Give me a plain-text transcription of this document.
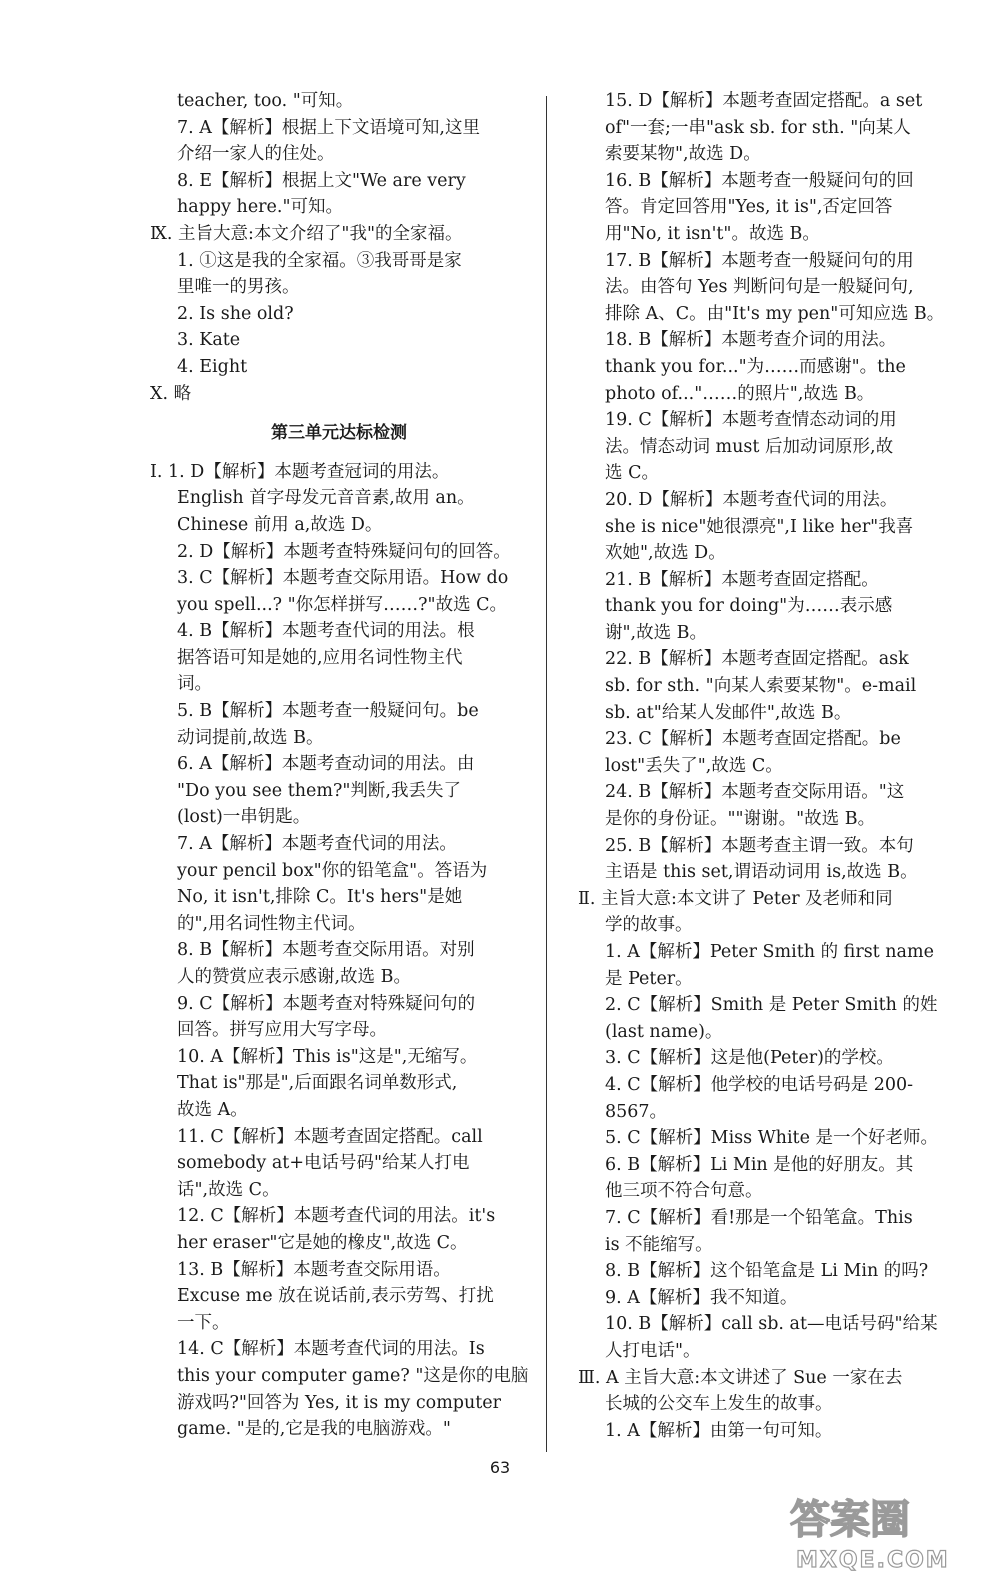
teacher, too. "可知。
7. A【解析】根据上下文语境可知,这里
介绍一家人的住处。
8. E【解析】根据上文"We are very
happy here."可知。
Ⅸ. 主旨大意:本文介绍了"我"的全家福。
1. ①这是我的全家福。③我哥哥是家
里唯一的男孩。
2. Is she old?
3. Kate
4. Eight
Ⅹ. 略
第三单元达标检测
Ⅰ. 1. D【解析】本题考查冠词的用法。
English 首字母发元音音素,故用 an。
Chinese 前用 a,故选 D。
2. D【解析】本题考查特殊疑问句的回答。
3. C【解析】本题考查交际用语。How do
you spell...? "你怎样拼写……?"故选 C。
4. B【解析】本题考查代词的用法。根
据答语可知是她的,应用名词性物主代
词。
5. B【解析】本题考查一般疑问句。be
动词提前,故选 B。
6. A【解析】本题考查动词的用法。由
"Do you see them?"判断,我丢失了
(lost)一串钥匙。
7. A【解析】本题考查代词的用法。
your pencil box"你的铅笔盒"。答语为
No, it isn't,排除 C。It's hers"是她
的",用名词性物主代词。
8. B【解析】本题考查交际用语。对别
人的赞赏应表示感谢,故选 B。
9. C【解析】本题考查对特殊疑问句的
回答。拼写应用大写字母。
10. A【解析】This is"这是",无缩写。
That is"那是",后面跟名词单数形式,
故选 A。
11. C【解析】本题考查固定搭配。call
somebody at+电话号码"给某人打电
话",故选 C。
12. C【解析】本题考查代词的用法。it's
her eraser"它是她的橡皮",故选 C。
13. B【解析】本题考查交际用语。
Excuse me 放在说话前,表示劳驾、打扰
一下。
14. C【解析】本题考查代词的用法。Is
this your computer game? "这是你的电脑
游戏吗?"回答为 Yes, it is my computer
game. "是的,它是我的电脑游戏。"
15. D【解析】本题考查固定搭配。a set
of"一套;一串"ask sb. for sth. "向某人
索要某物",故选 D。
16. B【解析】本题考查一般疑问句的回
答。肯定回答用"Yes, it is",否定回答
用"No, it isn't"。故选 B。
17. B【解析】本题考查一般疑问句的用
法。由答句 Yes 判断问句是一般疑问句,
排除 A、C。由"It's my pen"可知应选 B。
18. B【解析】本题考查介词的用法。
thank you for..."为……而感谢"。the
photo of..."……的照片",故选 B。
19. C【解析】本题考查情态动词的用
法。情态动词 must 后加动词原形,故
选 C。
20. D【解析】本题考查代词的用法。
she is nice"她很漂亮",I like her"我喜
欢她",故选 D。
21. B【解析】本题考查固定搭配。
thank you for doing"为……表示感
谢",故选 B。
22. B【解析】本题考查固定搭配。ask
sb. for sth. "向某人索要某物"。e-mail
sb. at"给某人发邮件",故选 B。
23. C【解析】本题考查固定搭配。be
lost"丢失了",故选 C。
24. B【解析】本题考查交际用语。"这
是你的身份证。""谢谢。"故选 B。
25. B【解析】本题考查主谓一致。本句
主语是 this set,谓语动词用 is,故选 B。
Ⅱ. 主旨大意:本文讲了 Peter 及老师和同
学的故事。
1. A【解析】Peter Smith 的 first name
是 Peter。
2. C【解析】Smith 是 Peter Smith 的姓
(last name)。
3. C【解析】这是他(Peter)的学校。
4. C【解析】他学校的电话号码是 200-
8567。
5. C【解析】Miss White 是一个好老师。
6. B【解析】Li Min 是他的好朋友。其
他三项不符合句意。
7. C【解析】看!那是一个铅笔盒。This
is 不能缩写。
8. B【解析】这个铅笔盒是 Li Min 的吗?
9. A【解析】我不知道。
10. B【解析】call sb. at—电话号码"给某
人打电话"。
Ⅲ. A 主旨大意:本文讲述了 Sue 一家在去
长城的公交车上发生的故事。
1. A【解析】由第一句可知。
63
答案圈
MXQE.COM
